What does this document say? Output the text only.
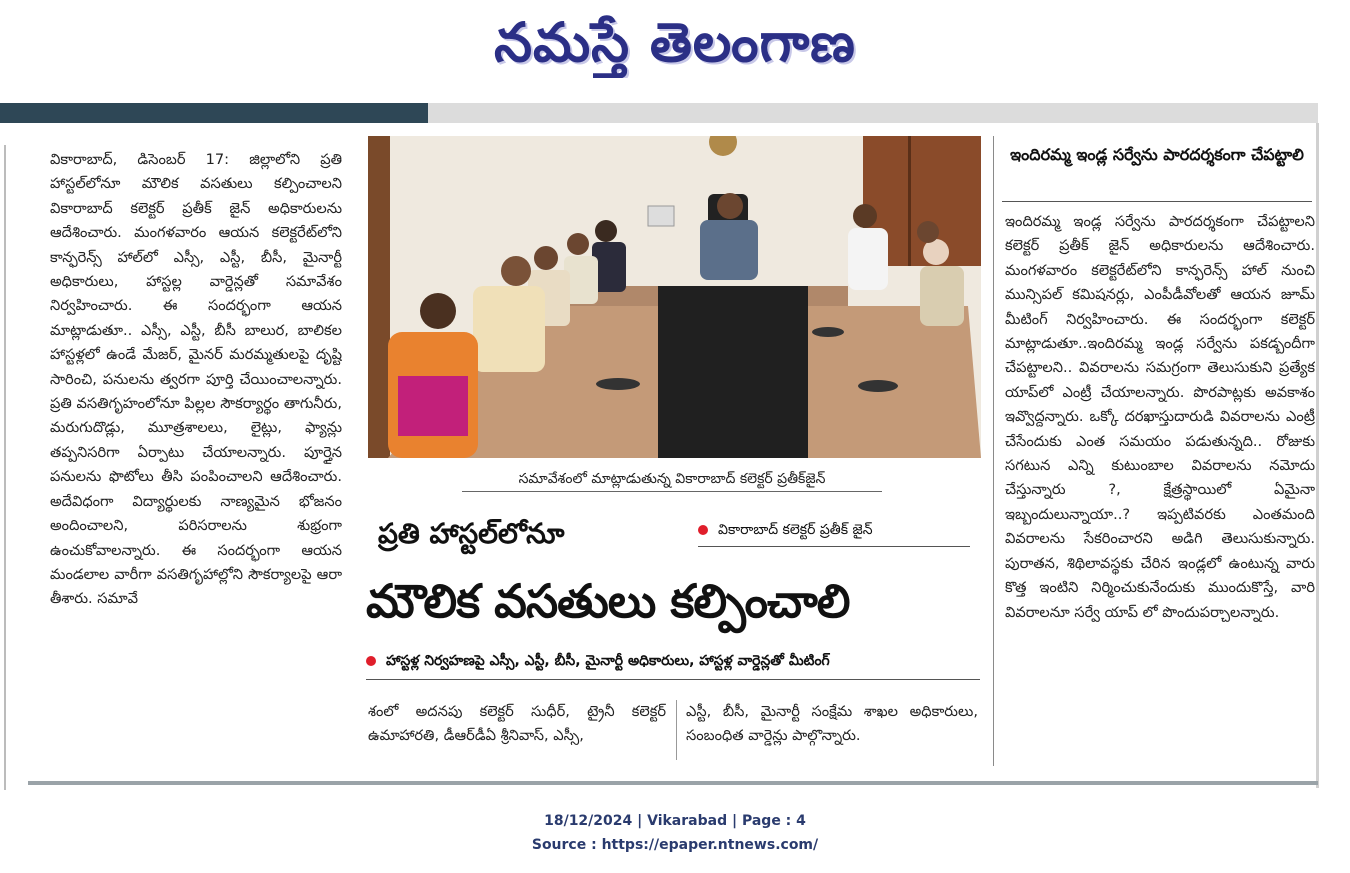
నమస్తే తెలంగాణ
వికారాబాద్, డిసెంబర్ 17: జిల్లాలోని ప్రతి హాస్టల్‌లోనూ మౌలిక వసతులు కల్పించాలని వికారాబాద్ కలెక్టర్ ప్రతీక్ జైన్ అధికారులను ఆదేశించారు. మంగళవారం ఆయన కలెక్టరేట్‌లోని కాన్ఫరెన్స్ హాల్‌లో ఎస్సీ, ఎస్టీ, బీసీ, మైనార్టీ అధికారులు, హాస్టల్ల వార్డెన్లతో సమావేశం నిర్వహించారు. ఈ సందర్భంగా ఆయన మాట్లాడుతూ.. ఎస్సీ, ఎస్టీ, బీసీ బాలుర, బాలికల హాస్టళ్లలో ఉండే మేజర్, మైనర్ మరమ్మతులపై దృష్టి సారించి, పనులను త్వరగా పూర్తి చేయించాలన్నారు. ప్రతి వసతిగృహంలోనూ పిల్లల సౌకర్యార్థం తాగునీరు, మరుగుదొడ్లు, మూత్రశాలలు, లైట్లు, ఫ్యాన్లు తప్పనిసరిగా ఏర్పాటు చేయాలన్నారు. పూర్తైన పనులను ఫొటోలు తీసి పంపించాలని ఆదేశించారు. అదేవిధంగా విద్యార్థులకు నాణ్యమైన భోజనం అందించాలని, పరిసరాలను శుభ్రంగా ఉంచుకోవాలన్నారు. ఈ సందర్భంగా ఆయన మండలాల వారీగా వసతిగృహాల్లోని సౌకర్యాలపై ఆరా తీశారు. సమావే
సమావేశంలో మాట్లాడుతున్న వికారాబాద్ కలెక్టర్ ప్రతీక్‌జైన్
ప్రతి హాస్టల్‌లోనూ	వికారాబాద్ కలెక్టర్ ప్రతీక్ జైన్
మౌలిక వసతులు కల్పించాలి
హాస్టళ్ల నిర్వహణపై ఎస్సీ, ఎస్టీ, బీసీ, మైనార్టీ అధికారులు, హాస్టళ్ల వార్డెన్లతో మీటింగ్
శంలో అదనపు కలెక్టర్ సుధీర్, ట్రైనీ కలెక్టర్ ఉమాహారతి, డీఆర్‌డీఏ శ్రీనివాస్, ఎస్సీ,
ఎస్టీ, బీసీ, మైనార్టీ సంక్షేమ శాఖల అధికారులు, సంబంధిత వార్డెన్లు పాల్గొన్నారు.
ఇందిరమ్మ ఇండ్ల సర్వేను పారదర్శకంగా చేపట్టాలి
ఇందిరమ్మ ఇండ్ల సర్వేను పారదర్శకంగా చేపట్టాలని కలెక్టర్ ప్రతీక్ జైన్ అధికారులను ఆదేశించారు. మంగళవారం కలెక్టరేట్‌లోని కాన్ఫరెన్స్ హాల్ నుంచి మున్సిపల్ కమిషనర్లు, ఎంపీడీవోలతో ఆయన జూమ్ మీటింగ్ నిర్వహించారు. ఈ సందర్భంగా కలెక్టర్ మాట్లాడుతూ..ఇందిరమ్మ ఇండ్ల సర్వేను పకడ్బందీగా చేపట్టాలని.. వివరాలను సమగ్రంగా తెలుసుకుని ప్రత్యేక యాప్‌లో ఎంట్రీ చేయాలన్నారు. పొరపాట్లకు అవకాశం ఇవ్వొద్దన్నారు. ఒక్కో దరఖాస్తుదారుడి వివరాలను ఎంట్రీ చేసేందుకు ఎంత సమయం పడుతున్నది.. రోజుకు సగటున ఎన్ని కుటుంబాల వివరాలను నమోదు చేస్తున్నారు ?, క్షేత్రస్థాయిలో ఏమైనా ఇబ్బందులున్నాయా..? ఇప్పటివరకు ఎంతమంది వివరాలను సేకరించారని అడిగి తెలుసుకున్నారు. పురాతన, శిథిలావస్థకు చేరిన ఇండ్లలో ఉంటున్న వారు కొత్త ఇంటిని నిర్మించుకునేందుకు ముందుకొస్తే, వారి వివరాలనూ సర్వే యాప్ లో పొందుపర్చాలన్నారు.
18/12/2024 | Vikarabad | Page : 4
Source : https://epaper.ntnews.com/
